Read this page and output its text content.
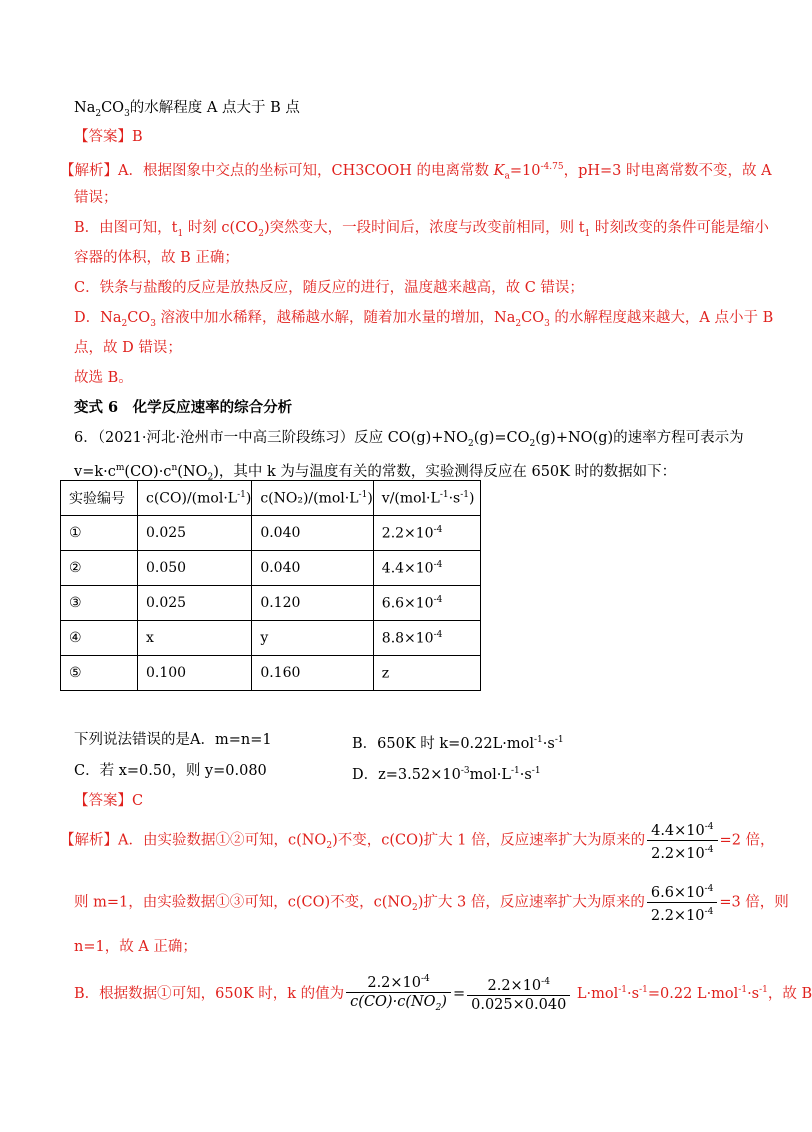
$Na_2CO_3$的水解程度 A 点大于 B 点
【答案】B
【解析】A．根据图象中交点的坐标可知，CH3COOH 的电离常数 $K_a=10^{-4.75}$，pH=3 时电离常数不变，故 A
错误；
B．由图可知，$t_1$ 时刻 $c(CO_2)$突然变大，一段时间后，浓度与改变前相同，则 $t_1$ 时刻改变的条件可能是缩小
容器的体积，故 B 正确；
C．铁条与盐酸的反应是放热反应，随反应的进行，温度越来越高，故 C 错误；
D．$Na_2CO_3$ 溶液中加水稀释，越稀越水解，随着加水量的增加，$Na_2CO_3$ 的水解程度越来越大，A 点小于 B
点，故 D 错误；
故选 B。
变式 6　化学反应速率的综合分析
6．（2021·河北·沧州市一中高三阶段练习）反应 $CO(g)+NO_2(g)=CO_2(g)+NO(g)$的速率方程可表示为
$v=k\cdot c^m(CO)\cdot c^n(NO_2)$，其中 k 为与温度有关的常数，实验测得反应在 650K 时的数据如下：
实验编号	$c(CO)/(mol\cdot L^{-1})$	$c(NO_2)/(mol\cdot L^{-1})$	$v/(mol\cdot L^{-1}\cdot s^{-1})$
①	0.025	0.040	$2.2\times 10^{-4}$
②	0.050	0.040	$4.4\times 10^{-4}$
③	0.025	0.120	$6.6\times 10^{-4}$
④	x	y	$8.8\times 10^{-4}$
⑤	0.100	0.160	z
下列说法错误的是A．m=n=1	B．650K 时 $k=0.22L\cdot mol^{-1}\cdot s^{-1}$
C．若 x=0.50，则 y=0.080	D．$z=3.52\times 10^{-3}mol\cdot L^{-1}\cdot s^{-1}$
【答案】C
【解析】A．由实验数据①②可知，$c(NO_2)$不变，c(CO)扩大 1 倍，反应速率扩大为原来的 $\frac{4.4\times 10^{-4}}{2.2\times 10^{-4}} =2$ 倍，
则 m=1，由实验数据①③可知，c(CO)不变，$c(NO_2)$扩大 3 倍，反应速率扩大为原来的 $\frac{6.6\times 10^{-4}}{2.2\times 10^{-4}} =3$ 倍，则
n=1，故 A 正确；
B．根据数据①可知，650K 时，k 的值为 $\frac{2.2\times 10^{-4}}{c(CO)\cdot c(NO_2)} = \frac{2.2\times 10^{-4}}{0.025\times 0.040} L\cdot mol^{-1}\cdot s^{-1}=0.22$ $L\cdot mol^{-1}\cdot s^{-1}$，故 B
